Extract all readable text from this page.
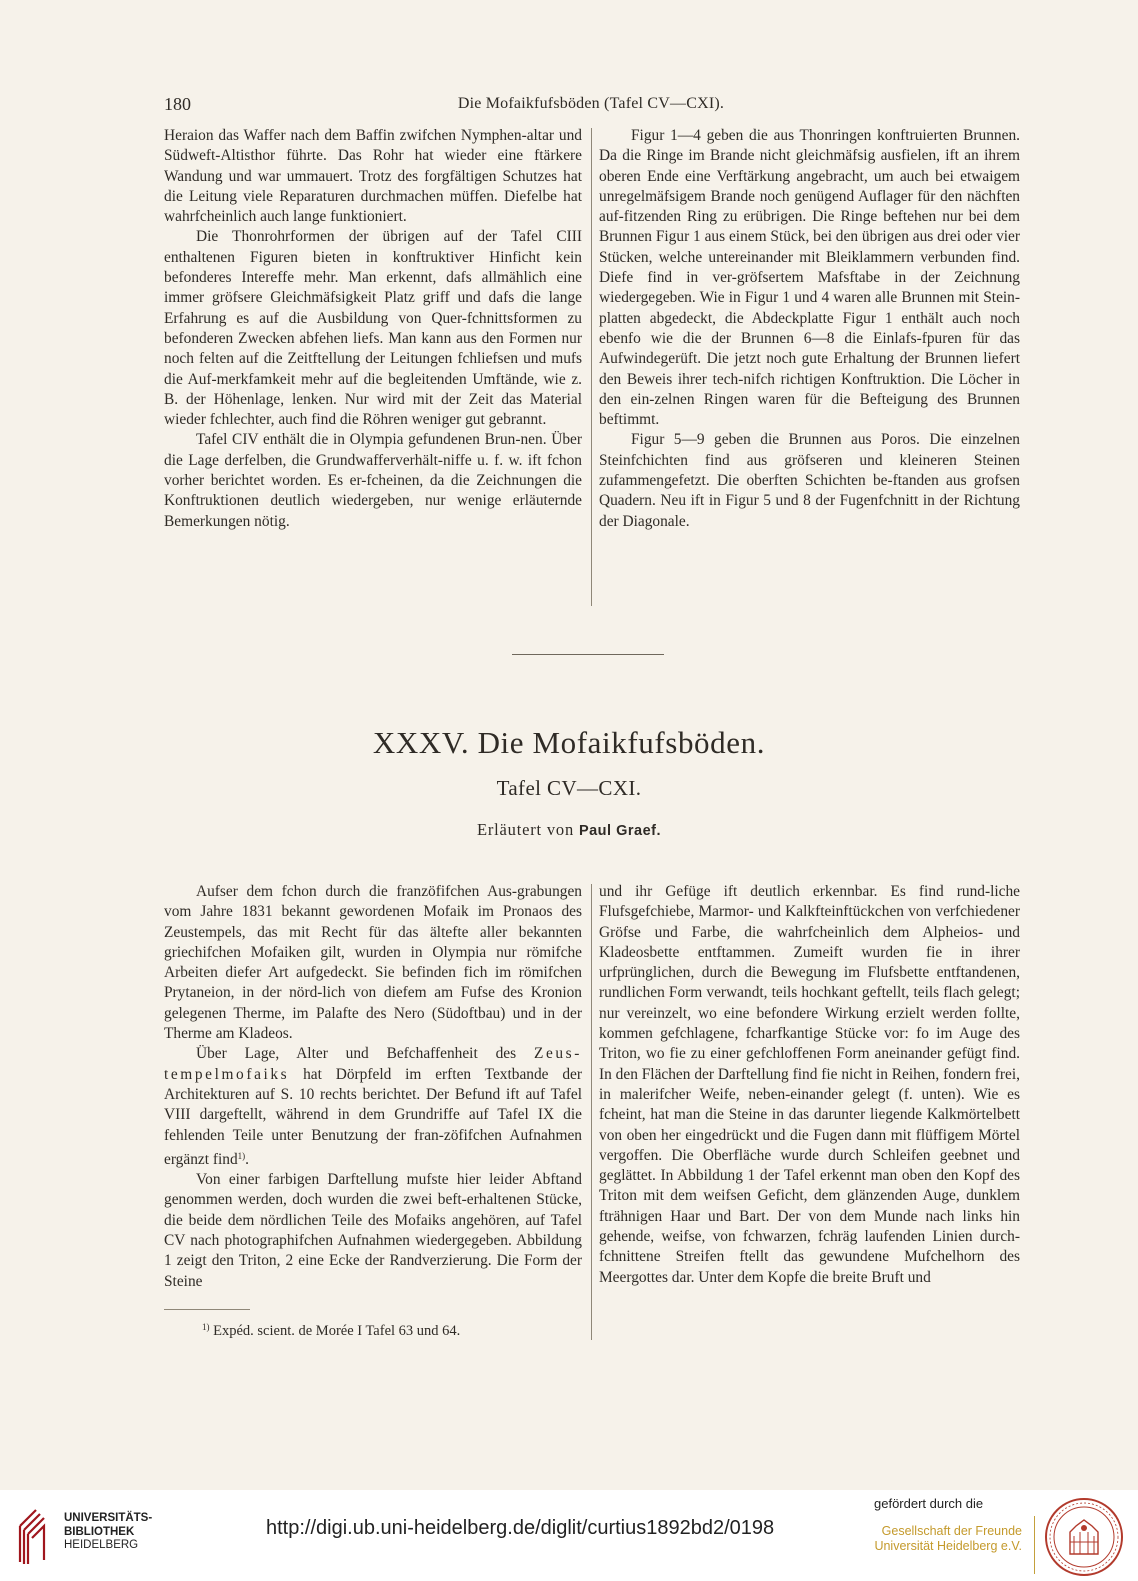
180	Die Mofaikfufsböden (Tafel CV—CXI).

Heraion das Waffer nach dem Baffin zwifchen Nymphen-altar und Südweft-Altisthor führte. Das Rohr hat wieder eine ftärkere Wandung und war ummauert. Trotz des forgfältigen Schutzes hat die Leitung viele Reparaturen durchmachen müffen. Diefelbe hat wahrfcheinlich auch lange funktioniert.

Die Thonrohrformen der übrigen auf der Tafel CIII enthaltenen Figuren bieten in konftruktiver Hinficht kein befonderes Intereffe mehr. Man erkennt, dafs allmählich eine immer gröfsere Gleichmäfsigkeit Platz griff und dafs die lange Erfahrung es auf die Ausbildung von Quer-fchnittsformen zu befonderen Zwecken abfehen liefs. Man kann aus den Formen nur noch felten auf die Zeitftellung der Leitungen fchliefsen und mufs die Auf-merkfamkeit mehr auf die begleitenden Umftände, wie z. B. der Höhenlage, lenken. Nur wird mit der Zeit das Material wieder fchlechter, auch find die Röhren weniger gut gebrannt.

Tafel CIV enthält die in Olympia gefundenen Brun-nen. Über die Lage derfelben, die Grundwafferverhält-niffe u. f. w. ift fchon vorher berichtet worden. Es er-fcheinen, da die Zeichnungen die Konftruktionen deutlich wiedergeben, nur wenige erläuternde Bemerkungen nötig.

Figur 1—4 geben die aus Thonringen konftruierten Brunnen. Da die Ringe im Brande nicht gleichmäfsig ausfielen, ift an ihrem oberen Ende eine Verftärkung angebracht, um auch bei etwaigem unregelmäfsigem Brande noch genügend Auflager für den nächften auf-fitzenden Ring zu erübrigen. Die Ringe beftehen nur bei dem Brunnen Figur 1 aus einem Stück, bei den übrigen aus drei oder vier Stücken, welche untereinander mit Bleiklammern verbunden find. Diefe find in ver-gröfsertem Mafsftabe in der Zeichnung wiedergegeben. Wie in Figur 1 und 4 waren alle Brunnen mit Stein-platten abgedeckt, die Abdeckplatte Figur 1 enthält auch noch ebenfo wie die der Brunnen 6—8 die Einlafs-fpuren für das Aufwindegerüft. Die jetzt noch gute Erhaltung der Brunnen liefert den Beweis ihrer tech-nifch richtigen Konftruktion. Die Löcher in den ein-zelnen Ringen waren für die Befteigung des Brunnen beftimmt.

Figur 5—9 geben die Brunnen aus Poros. Die einzelnen Steinfchichten find aus gröfseren und kleineren Steinen zufammengefetzt. Die oberften Schichten be-ftanden aus grofsen Quadern. Neu ift in Figur 5 und 8 der Fugenfchnitt in der Richtung der Diagonale.

XXXV. Die Mofaikfufsböden.
Tafel CV—CXI.
Erläutert von Paul Graef.

Aufser dem fchon durch die franzöfifchen Aus-grabungen vom Jahre 1831 bekannt gewordenen Mofaik im Pronaos des Zeustempels, das mit Recht für das ältefte aller bekannten griechifchen Mofaiken gilt, wurden in Olympia nur römifche Arbeiten diefer Art aufgedeckt. Sie befinden fich im römifchen Prytaneion, in der nörd-lich von diefem am Fufse des Kronion gelegenen Therme, im Palafte des Nero (Südoftbau) und in der Therme am Kladeos.

Über Lage, Alter und Befchaffenheit des Zeus-tempelmofaiks hat Dörpfeld im erften Textbande der Architekturen auf S. 10 rechts berichtet. Der Befund ift auf Tafel VIII dargeftellt, während in dem Grundriffe auf Tafel IX die fehlenden Teile unter Benutzung der fran-zöfifchen Aufnahmen ergänzt find$^{1)}$.

Von einer farbigen Darftellung mufste hier leider Abftand genommen werden, doch wurden die zwei beft-erhaltenen Stücke, die beide dem nördlichen Teile des Mofaiks angehören, auf Tafel CV nach photographifchen Aufnahmen wiedergegeben. Abbildung 1 zeigt den Triton, 2 eine Ecke der Randverzierung. Die Form der Steine

und ihr Gefüge ift deutlich erkennbar. Es find rund-liche Flufsgefchiebe, Marmor- und Kalkfteinftückchen von verfchiedener Gröfse und Farbe, die wahrfcheinlich dem Alpheios- und Kladeosbette entftammen. Zumeift wurden fie in ihrer urfprünglichen, durch die Bewegung im Flufsbette entftandenen, rundlichen Form verwandt, teils hochkant geftellt, teils flach gelegt; nur vereinzelt, wo eine befondere Wirkung erzielt werden follte, kommen gefchlagene, fcharfkantige Stücke vor: fo im Auge des Triton, wo fie zu einer gefchloffenen Form aneinander gefügt find. In den Flächen der Darftellung find fie nicht in Reihen, fondern frei, in malerifcher Weife, neben-einander gelegt (f. unten). Wie es fcheint, hat man die Steine in das darunter liegende Kalkmörtelbett von oben her eingedrückt und die Fugen dann mit flüffigem Mörtel vergoffen. Die Oberfläche wurde durch Schleifen geebnet und geglättet. In Abbildung 1 der Tafel erkennt man oben den Kopf des Triton mit dem weifsen Geficht, dem glänzenden Auge, dunklem fträhnigen Haar und Bart. Der von dem Munde nach links hin gehende, weifse, von fchwarzen, fchräg laufenden Linien durch-fchnittene Streifen ftellt das gewundene Mufchelhorn des Meergottes dar. Unter dem Kopfe die breite Bruft und

$^{1)}$ Expéd. scient. de Morée I Tafel 63 und 64.
UNIVERSITÄTS-
BIBLIOTHEK
HEIDELBERG
http://digi.ub.uni-heidelberg.de/diglit/curtius1892bd2/0198
gefördert durch die
Gesellschaft der Freunde
Universität Heidelberg e.V.
